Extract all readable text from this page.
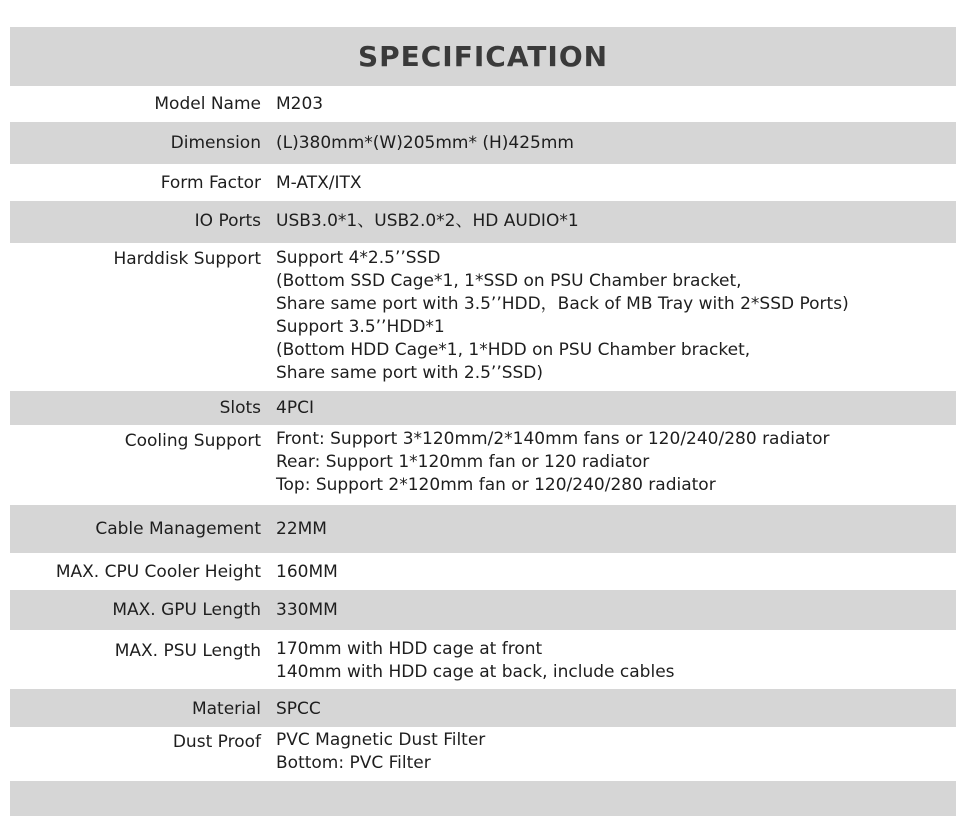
SPECIFICATION
Model Name M203
Dimension (L)380mm*(W)205mm* (H)425mm
Form Factor M-ATX/ITX
IO Ports USB3.0*1、USB2.0*2、HD AUDIO*1
Harddisk Support Support 4*2.5’’SSD
(Bottom SSD Cage*1, 1*SSD on PSU Chamber bracket,
Share same port with 3.5’’HDD，Back of MB Tray with 2*SSD Ports)
Support 3.5’’HDD*1
(Bottom HDD Cage*1, 1*HDD on PSU Chamber bracket,
Share same port with 2.5’’SSD)
Slots 4PCI
Cooling Support Front: Support 3*120mm/2*140mm fans or 120/240/280 radiator
Rear: Support 1*120mm fan or 120 radiator
Top: Support 2*120mm fan or 120/240/280 radiator
Cable Management 22MM
MAX. CPU Cooler Height 160MM
MAX. GPU Length 330MM
MAX. PSU Length 170mm with HDD cage at front
140mm with HDD cage at back, include cables
Material SPCC
Dust Proof PVC Magnetic Dust Filter
Bottom: PVC Filter
